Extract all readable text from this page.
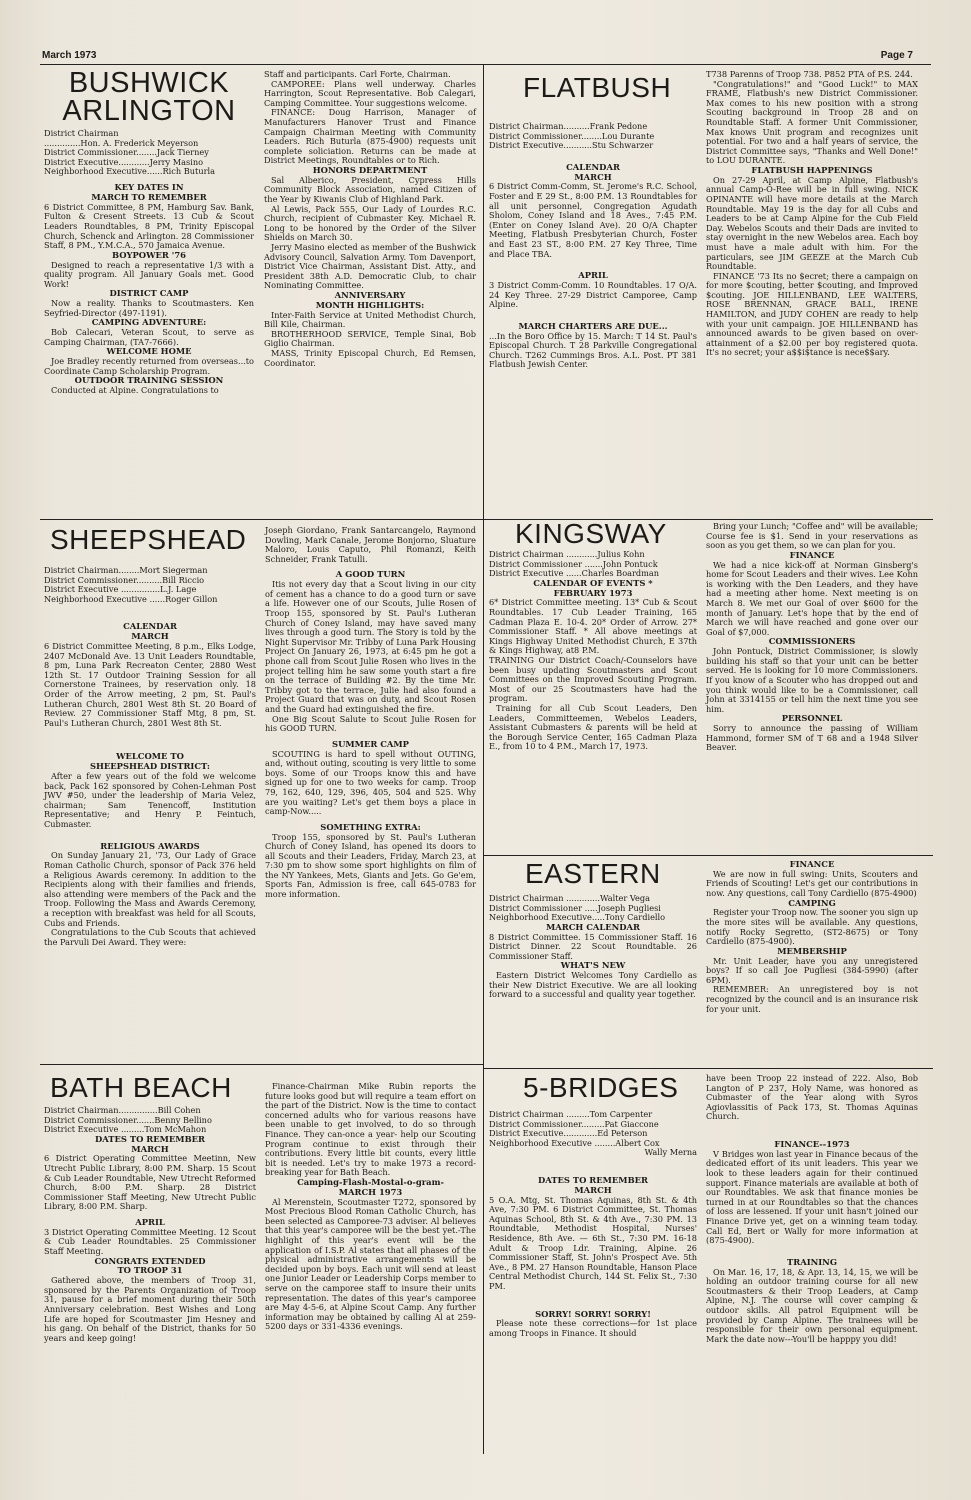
March 1973	Page 7
BUSHWICK
ARLINGTON

District Chairman

..............Hon. A. Frederick Meyerson

District Commissioner........Jack Tierney

District Executive............Jerry Masino

Neighborhood Executive......Rich Buturla

KEY DATES IN

MARCH TO REMEMBER

6 District Committee, 8 PM, Hamburg Sav. Bank, Fulton & Cresent Streets. 13 Cub & Scout Leaders Roundtables, 8 PM, Trinity Episcopal Church, Schenck and Arlington. 28 Commissioner Staff, 8 PM., Y.M.C.A., 570 Jamaica Avenue.

BOYPOWER '76

Designed to reach a representative 1/3 with a quality program. All January Goals met. Good Work!

DISTRICT CAMP

Now a reality. Thanks to Scoutmasters. Ken Seyfried-Director (497-1191).

CAMPING ADVENTURE:

Bob Calecari, Veteran Scout, to serve as Camping Chairman, (TA7-7666).

WELCOME HOME

Joe Bradley recently returned from overseas...to Coordinate Camp Scholarship Program.

OUTDOOR TRAINING SESSION

Conducted at Alpine. Congratulations to

Staff and participants. Carl Forte, Chairman.

CAMPOREE: Plans well underway. Charles Harrington, Scout Representative. Bob Calegari, Camping Committee. Your suggestions welcome.

FINANCE: Doug Harrison, Manager of Manufacturers Hanover Trust and Finance Campaign Chairman Meeting with Community Leaders. Rich Buturla (875-4900) requests unit complete soliciation. Returns can be made at District Meetings, Roundtables or to Rich.

HONORS DEPARTMENT

Sal Alberico, President, Cypress Hills Community Block Association, named Citizen of the Year by Kiwanis Club of Highland Park.

Al Lewis, Pack 555, Our Lady of Lourdes R.C. Church, recipient of Cubmaster Key. Michael R. Long to be honored by the Order of the Silver Shields on March 30.

Jerry Masino elected as member of the Bushwick Advisory Council, Salvation Army. Tom Davenport, District Vice Chairman, Assistant Dist. Atty., and President 38th A.D. Democratic Club, to chair Nominating Committee.

ANNIVERSARY

MONTH HIGHLIGHTS:

Inter-Faith Service at United Methodist Church, Bill Kile, Chairman.

BROTHERHOOD SERVICE, Temple Sinai, Bob Giglio Chairman.

MASS, Trinity Episcopal Church, Ed Remsen, Coordinator.

FLATBUSH

District Chairman..........Frank Pedone

District Commissioner........Lou Durante

District Executive...........Stu Schwarzer

CALENDAR

MARCH

6 District Comm-Comm, St. Jerome's R.C. School, Foster and E 29 St., 8:00 P.M. 13 Roundtables for all unit personnel, Congregation Agudath Sholom, Coney Island and 18 Aves., 7:45 P.M. (Enter on Coney Island Ave). 20 O/A Chapter Meeting, Flatbush Presbyterian Church, Foster and East 23 ST., 8:00 P.M. 27 Key Three, Time and Place TBA.

APRIL

3 District Comm-Comm. 10 Roundtables. 17 O/A. 24 Key Three. 27-29 District Camporee, Camp Alpine.

MARCH CHARTERS ARE DUE...

...In the Boro Office by 15. March: T 14 St. Paul's Episcopal Church. T 28 Parkville Congregational Church. T262 Cummings Bros. A.L. Post. PT 381 Flatbush Jewish Center.

T738 Parenns of Troop 738. P852 PTA of P.S. 244.

"Congratulations!" and "Good Luck!" to MAX FRAME, Flatbush's new District Commissioner. Max comes to his new position with a strong Scouting background in Troop 28 and on Roundtable Staff. A former Unit Commissioner, Max knows Unit program and recognizes unit potential. For two and a half years of service, the District Committee says, "Thanks and Well Done!" to LOU DURANTE.

FLATBUSH HAPPENINGS

On 27-29 April, at Camp Alpine, Flatbush's annual Camp-O-Ree will be in full swing. NICK OPINANTE will have more details at the March Roundtable. May 19 is the day for all Cubs and Leaders to be at Camp Alpine for the Cub Field Day. Webelos Scouts and their Dads are invited to stay overnight in the new Webelos area. Each boy must have a male adult with him. For the particulars, see JIM GEEZE at the March Cub Roundtable.

FINANCE '73 Its no $ecret; there a campaign on for more $couting, better $couting, and Improved $couting. JOE HILLENBAND, LEE WALTERS, ROSE BRENNAN, GRACE BALL, IRENE HAMILTON, and JUDY COHEN are ready to help with your unit campaign. JOE HILLENBAND has announced awards to be given based on over-attainment of a $2.00 per boy registered quota. It's no secret; your a$$i$tance is nece$$ary.

SHEEPSHEAD

District Chairman........Mort Siegerman

District Commissioner..........Bill Riccio

District Executive ...............L.J. Lage

Neighborhood Executive ......Roger Gillon

CALENDAR

MARCH

6 District Committee Meeting, 8 p.m., Elks Lodge, 2407 McDonald Ave. 13 Unit Leaders Roundtable, 8 pm, Luna Park Recreaton Center, 2880 West 12th St. 17 Outdoor Training Session for all Cornerstone Trainees, by reservation only. 18 Order of the Arrow meeting, 2 pm, St. Paul's Lutheran Church, 2801 West 8th St. 20 Board of Review. 27 Commissioner Staff Mtg, 8 pm, St. Paul's Lutheran Church, 2801 West 8th St.

WELCOME TO

SHEEPSHEAD DISTRICT:

After a few years out of the fold we welcome back, Pack 162 sponsored by Cohen-Lehman Post JWV #50, under the leadership of Maria Velez, chairman; Sam Tenencoff, Institution Representative; and Henry P. Feintuch, Cubmaster.

RELIGIOUS AWARDS

On Sunday January 21, '73, Our Lady of Grace Roman Catholic Church, sponsor of Pack 376 held a Religious Awards ceremony. In addition to the Recipients along with their families and friends, also attending were members of the Pack and the Troop. Following the Mass and Awards Ceremony, a reception with breakfast was held for all Scouts, Cubs and Friends.

Congratulations to the Cub Scouts that achieved the Parvuli Dei Award. They were:

Joseph Giordano, Frank Santarcangelo, Raymond Dowling, Mark Canale, Jerome Bonjorno, Sluature Maloro, Louis Caputo, Phil Romanzi, Keith Schneider, Frank Tatulli.

A GOOD TURN

Itis not every day that a Scout living in our city of cement has a chance to do a good turn or save a life. However one of our Scouts, Julie Rosen of Troop 155, sponsored by St. Paul's Lutheran Church of Coney Island, may have saved many lives through a good turn. The Story is told by the Night Supervisor Mr. Tribby of Luna Park Housing Project On January 26, 1973, at 6:45 pm he got a phone call from Scout Julie Rosen who lives in the project telling him he saw some youth start a fire on the terrace of Building #2. By the time Mr. Tribby got to the terrace, Julie had also found a Project Guard that was on duty, and Scout Rosen and the Guard had extinguished the fire.

One Big Scout Salute to Scout Julie Rosen for his GOOD TURN.

SUMMER CAMP

SCOUTING is hard to spell without OUTING, and, without outing, scouting is very little to some boys. Some of our Troops know this and have signed up for one to two weeks for camp. Troop 79, 162, 640, 129, 396, 405, 504 and 525. Why are you waiting? Let's get them boys a place in camp-Now.....

SOMETHING EXTRA:

Troop 155, sponsored by St. Paul's Lutheran Church of Coney Island, has opened its doors to all Scouts and their Leaders, Friday, March 23, at 7:30 pm to show some sport highlights on film of the NY Yankees, Mets, Giants and Jets. Go Ge'em, Sports Fan, Admission is free, call 645-0783 for more information.

KINGSWAY

District Chairman ............Julius Kohn

District Commissioner .......John Pontuck

District Executive ......Charles Boardman

CALENDAR OF EVENTS *

FEBRUARY 1973

6* District Committee meeting. 13* Cub & Scout Roundtables. 17 Cub Leader Training, 165 Cadman Plaza E. 10-4. 20* Order of Arrow. 27* Commissioner Staff. * All above meetings at Kings Highway United Methodist Church, E 37th & Kings Highway, at8 P.M.

TRAINING Our District Coach/-Counselors have been busy updating Scoutmasters and Scout Committees on the Improved Scouting Program. Most of our 25 Scoutmasters have had the program.

Training for all Cub Scout Leaders, Den Leaders, Committeemen, Webelos Leaders, Assistant Cubmasters & parents will be held at the Borough Service Center, 165 Cadman Plaza E., from 10 to 4 P.M., March 17, 1973.

Bring your Lunch; "Coffee and" will be available; Course fee is $1. Send in your reservations as soon as you get them, so we can plan for you.

FINANCE

We had a nice kick-off at Norman Ginsberg's home for Scout Leaders and their wives. Lee Kohn is working with the Den Leaders, and they have had a meeting ather home. Next meeting is on March 8. We met our Goal of over $600 for the month of January. Let's hope that by the end of March we will have reached and gone over our Goal of $7,000.

COMMISSIONERS

John Pontuck, District Commissioner, is slowly building his staff so that your unit can be better served. He is looking for 10 more Commissioners. If you know of a Scouter who has dropped out and you think would like to be a Commissioner, call John at 3314155 or tell him the next time you see him.

PERSONNEL

Sorry to announce the passing of William Hammond, former SM of T 68 and a 1948 Silver Beaver.

EASTERN

District Chairman .............Walter Vega

District Commissioner .....Joseph Pugliesi

Neighborhood Executive.....Tony Cardiello

MARCH CALENDAR

8 District Committee. 15 Commissioner Staff. 16 District Dinner. 22 Scout Roundtable. 26 Commissioner Staff.

WHAT'S NEW

Eastern District Welcomes Tony Cardiello as their New District Executive. We are all looking forward to a successful and quality year together.

FINANCE

We are now in full swing: Units, Scouters and Friends of Scouting! Let's get our contributions in now. Any questions, call Tony Cardiello (875-4900)

CAMPING

Register your Troop now. The sooner you sign up the more sites will be available. Any questions, notify Rocky Segretto, (ST2-8675) or Tony Cardiello (875-4900).

MEMBERSHIP

Mr. Unit Leader, have you any unregistered boys? If so call Joe Pugliesi (384-5990) (after 6PM).

REMEMBER: An unregistered boy is not recognized by the council and is an insurance risk for your unit.

BATH BEACH

District Chairman...............Bill Cohen

District Commissioner.......Benny Bellino

District Executive .........Tom McMahon

DATES TO REMEMBER

MARCH

6 District Operating Committee Meetinn, New Utrecht Public Library, 8:00 P.M. Sharp. 15 Scout & Cub Leader Roundtable, New Utrecht Reformed Church, 8:00 P.M. Sharp. 28 District Commissioner Staff Meeting, New Utrecht Public Library, 8:00 P.M. Sharp.

APRIL

3 District Operating Committee Meeting. 12 Scout & Cub Leader Roundtables. 25 Commissioner Staff Meeting.

CONGRATS EXTENDED

TO TROOP 31

Gathered above, the members of Troop 31, sponsored by the Parents Organization of Troop 31, pause for a brief moment during their 50th Anniversary celebration. Best Wishes and Long Life are hoped for Scoutmaster Jim Hesney and his gang. On behalf of the District, thanks for 50 years and keep going!

Finance-Chairman Mike Rubin reports the future looks good but will require a team effort on the part of the District. Now is the time to contact concerned adults who for various reasons have been unable to get involved, to do so through Finance. They can-once a year- help our Scouting Program continue to exist through their contributions. Every little bit counts, every little bit is needed. Let's try to make 1973 a record-breaking year for Bath Beach.

Camping-Flash-Mostal-o-gram-

MARCH 1973

Al Merenstein, Scoutmaster T272, sponsored by Most Precious Blood Roman Catholic Church, has been selected as Camporee-73 adviser. Al believes that this year's camporee will be the best yet.-The highlight of this year's event will be the application of I.S.P. Al states that all phases of the physical administrative arrangements will be decided upon by boys. Each unit will send at least one Junior Leader or Leadership Corps member to serve on the camporee staff to insure their units representation. The dates of this year's camporee are May 4-5-6, at Alpine Scout Camp. Any further information may be obtained by calling Al at 259-5200 days or 331-4336 evenings.

5-BRIDGES

District Chairman .........Tom Carpenter

District Commissioner.........Pat Giaccone

District Executive.............Ed Peterson

Neighborhood Executive ........Albert Cox

Wally Merna

DATES TO REMEMBER

MARCH

5 O.A. Mtg, St. Thomas Aquinas, 8th St. & 4th Ave, 7:30 PM. 6 District Committee, St. Thomas Aquinas School, 8th St. & 4th Ave., 7:30 PM. 13 Roundtable, Methodist Hospital, Nurses' Residence, 8th Ave. — 6th St., 7:30 PM. 16-18 Adult & Troop Ldr. Training, Alpine. 26 Commissioner Staff, St. John's Prospect Ave. 5th Ave., 8 PM. 27 Hanson Roundtable, Hanson Place Central Methodist Church, 144 St. Felix St., 7:30 PM.

SORRY! SORRY! SORRY!

Please note these corrections—for 1st place among Troops in Finance. It should

have been Troop 22 instead of 222. Also, Bob Langton of P 237, Holy Name, was honored as Cubmaster of the Year along with Syros Agiovlassitis of Pack 173, St. Thomas Aquinas Church.

FINANCE--1973

V Bridges won last year in Finance becaus of the dedicated effort of its unit leaders. This year we look to these leaders again for their continued support. Finance materials are available at both of our Roundtables. We ask that finance monies be turned in at our Roundtables so that the chances of loss are lessened. If your unit hasn't joined our Finance Drive yet, get on a winning team today. Call Ed, Bert or Wally for more information at (875-4900).

TRAINING

On Mar. 16, 17, 18, & Apr. 13, 14, 15, we will be holding an outdoor training course for all new Scoutmasters & their Troop Leaders, at Camp Alpine, N.J. The course will cover camping & outdoor skills. All patrol Equipment will be provided by Camp Alpine. The trainees will be responsible for their own personal equipment. Mark the date now---You'll be happpy you did!
